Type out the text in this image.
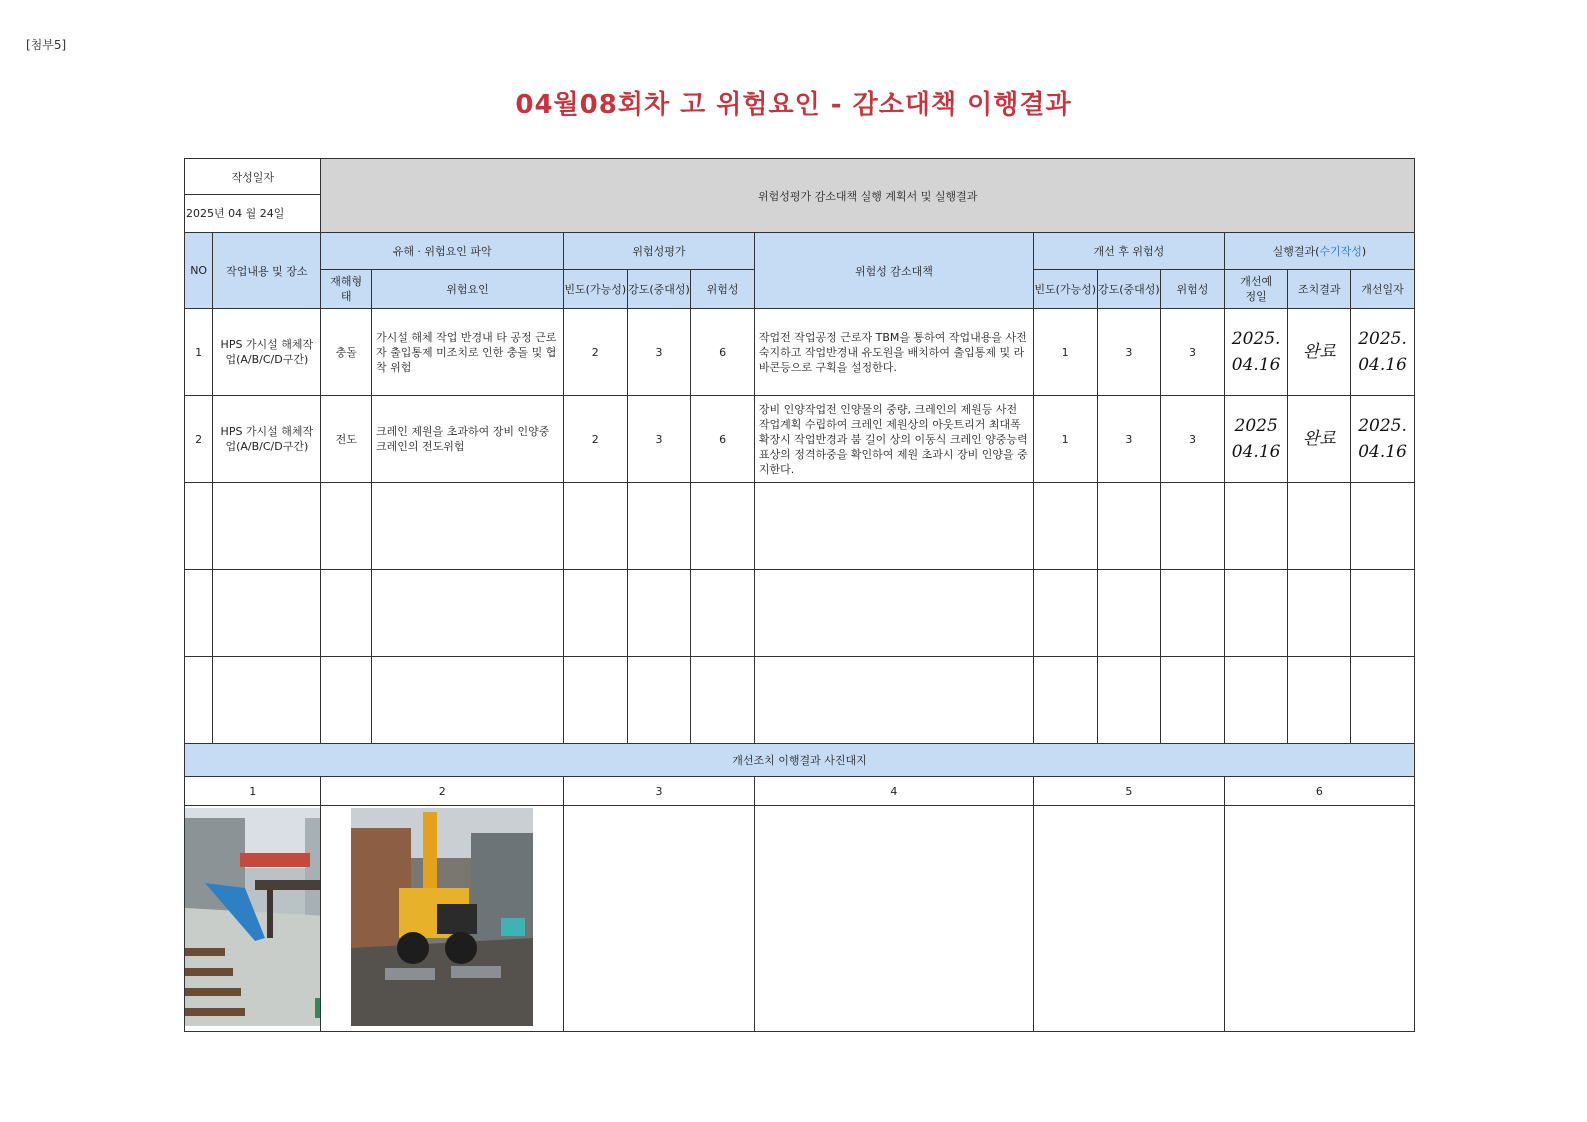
[첨부5]
04월08회차 고 위험요인 - 감소대책 이행결과
작성일자		위험성평가 감소대책 실행 계획서 및 실행결과											
2025년 04 월 24일													
NO	작업내용 및 장소	유해 · 위험요인 파악		위험성평가			위험성 감소대책	개선 후 위험성			실행결과(수기작성)		
		재해형태	위험요인	빈도(가능성)	강도(중대성)	위험성		빈도(가능성)	강도(중대성)	위험성	개선예정일	조치결과	개선일자
1	HPS 가시설 해체작업(A/B/C/D구간)	충돌	가시설 해체 작업 반경내 타 공정 근로자 출입통제 미조치로 인한 충돌 및 협착 위험	2	3	6	작업전 작업공정 근로자 TBM을 통하여 작업내용을 사전 숙지하고 작업반경내 유도원을 배치하여 출입통제 및 라바콘등으로 구획을 설정한다.	1	3	3	2025. 04.16	완료	2025. 04.16
2	HPS 가시설 해체작업(A/B/C/D구간)	전도	크레인 제원을 초과하여 장비 인양중 크레인의 전도위험	2	3	6	장비 인양작업전 인양물의 중량, 크레인의 제원등 사전 작업계획 수립하여 크레인 제원상의 아웃트리거 최대폭 확장시 작업반경과 붐 길이 상의 이동식 크레인 양중능력표상의 정격하중을 확인하여 제원 초과시 장비 인양을 중지한다.	1	3	3	2025 04.16	완료	2025. 04.16

개선조치 이행결과 사진대지													
1		2		3			4	5			6		
